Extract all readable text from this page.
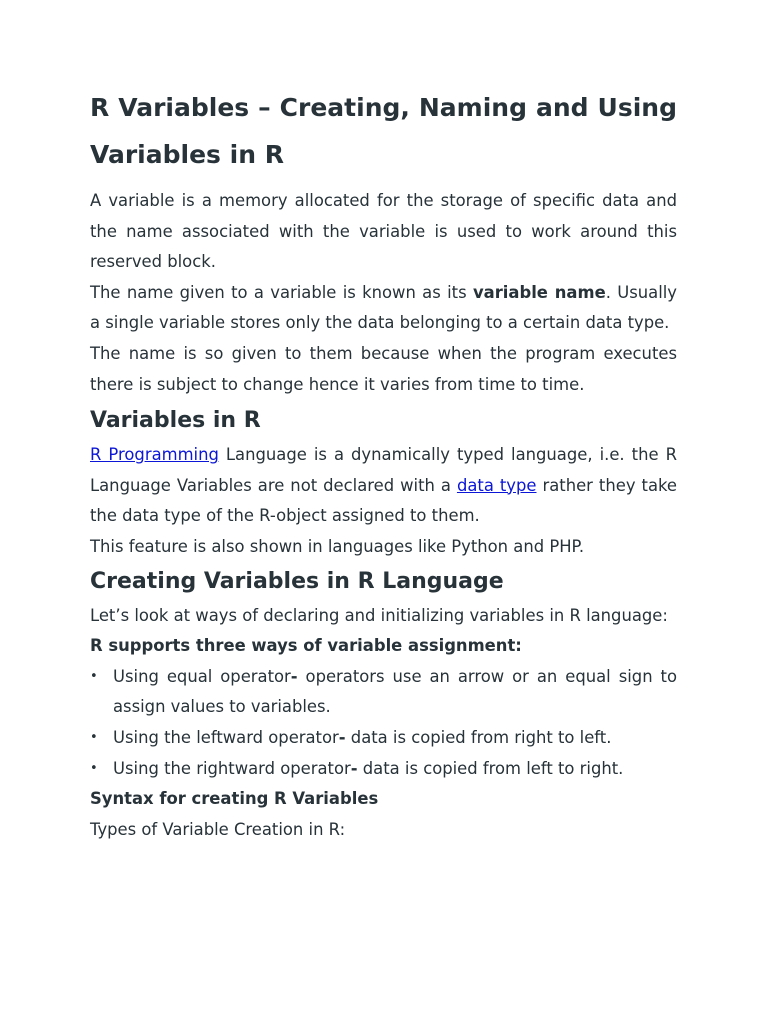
R Variables – Creating, Naming and Using Variables in R

A variable is a memory allocated for the storage of specific data and the name associated with the variable is used to work around this reserved block.

The name given to a variable is known as its variable name. Usually a single variable stores only the data belonging to a certain data type.

The name is so given to them because when the program executes there is subject to change hence it varies from time to time.

Variables in R

R Programming Language is a dynamically typed language, i.e. the R Language Variables are not declared with a data type rather they take the data type of the R-object assigned to them.

This feature is also shown in languages like Python and PHP.

Creating Variables in R Language

Let’s look at ways of declaring and initializing variables in R language:

R supports three ways of variable assignment:

• Using equal operator- operators use an arrow or an equal sign to assign values to variables.
• Using the leftward operator- data is copied from right to left.
• Using the rightward operator- data is copied from left to right.

Syntax for creating R Variables

Types of Variable Creation in R:
